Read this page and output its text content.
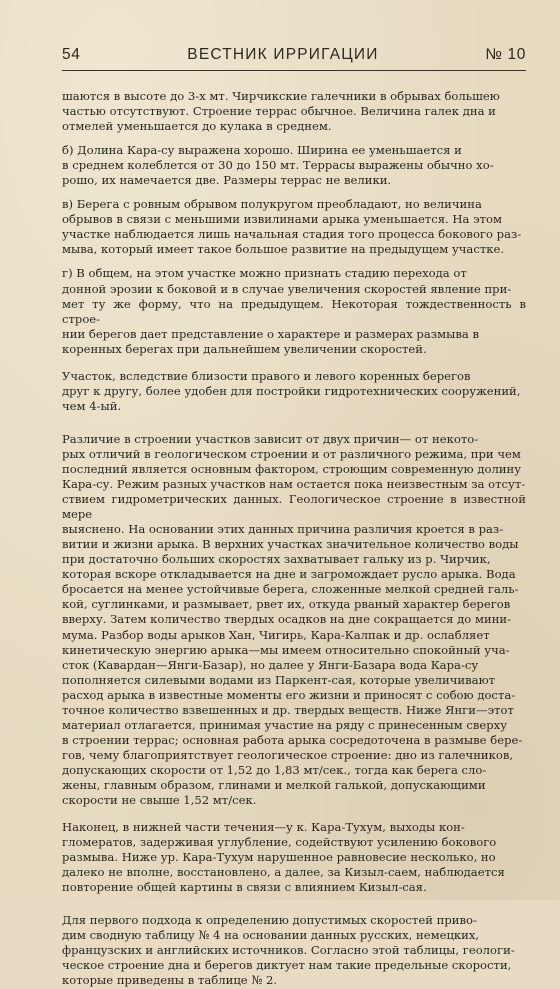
54	ВЕСТНИК ИРРИГАЦИИ	№ 10

шаются в высоте до 3-х мт. Чирчикские галечники в обрывах большею
частью отсутствуют. Строение террас обычное. Величина галек дна и
отмелей уменьшается до кулака в среднем.

б) Долина Кара-су выражена хорошо. Ширина ее уменьшается и
в среднем колеблется от 30 до 150 мт. Террасы выражены обычно хо-
рошо, их намечается две. Размеры террас не велики.

в) Берега с ровным обрывом полукругом преобладают, но величина
обрывов в связи с меньшими извилинами арыка уменьшается. На этом
участке наблюдается лишь начальная стадия того процесса бокового раз-
мыва, который имеет такое большое развитие на предыдущем участке.

г) В общем, на этом участке можно признать стадию перехода от
донной эрозии к боковой и в случае увеличения скоростей явление при-
мет ту же форму, что на предыдущем. Некоторая тождественность в строе-
нии берегов дает представление о характере и размерах размыва в
коренных берегах при дальнейшем увеличении скоростей.

Участок, вследствие близости правого и левого коренных берегов
друг к другу, более удобен для постройки гидротехнических сооружений,
чем 4-ый.

Различие в строении участков зависит от двух причин— от некото-
рых отличий в геологическом строении и от различного режима, при чем
последний является основным фактором, строющим современную долину
Кара-су. Режим разных участков нам остается пока неизвестным за отсут-
ствием гидрометрических данных. Геологическое строение в известной мере
выяснено. На основании этих данных причина различия кроется в раз-
витии и жизни арыка. В верхних участках значительное количество воды
при достаточно больших скоростях захватывает гальку из р. Чирчик,
которая вскоре откладывается на дне и загромождает русло арыка. Вода
бросается на менее устойчивые берега, сложенные мелкой средней галь-
кой, суглинками, и размывает, рвет их, откуда рваный характер берегов
вверху. Затем количество твердых осадков на дне сокращается до мини-
мума. Разбор воды арыков Хан, Чигирь, Кара-Калпак и др. ослабляет
кинетическую энергию арыка—мы имеем относительно спокойный уча-
сток (Кавардан—Янги-Базар), но далее у Янги-Базара вода Кара-су
пополняется силевыми водами из Паркент-сая, которые увеличивают
расход арыка в известные моменты его жизни и приносят с собою доста-
точное количество взвешенных и др. твердых веществ. Ниже Янги—этот
материал отлагается, принимая участие на ряду с принесенным сверху
в строении террас; основная работа арыка сосредоточена в размыве бере-
гов, чему благоприятствует геологическое строение: дно из галечников,
допускающих скорости от 1,52 до 1,83 мт/сек., тогда как берега сло-
жены, главным образом, глинами и мелкой галькой, допускающими
скорости не свыше 1,52 мт/сек.

Наконец, в нижней части течения—у к. Кара-Тухум, выходы кон-
гломератов, задерживая углубление, содействуют усилению бокового
размыва. Ниже ур. Кара-Тухум нарушенное равновесие несколько, но
далеко не вполне, восстановлено, а далее, за Кизыл-саем, наблюдается
повторение общей картины в связи с влиянием Кизыл-сая.

Для первого подхода к определению допустимых скоростей приво-
дим сводную таблицу № 4 на основании данных русских, немецких,
французских и английских источников. Согласно этой таблицы, геологи-
ческое строение дна и берегов диктует нам такие предельные скорости,
которые приведены в таблице № 2.
